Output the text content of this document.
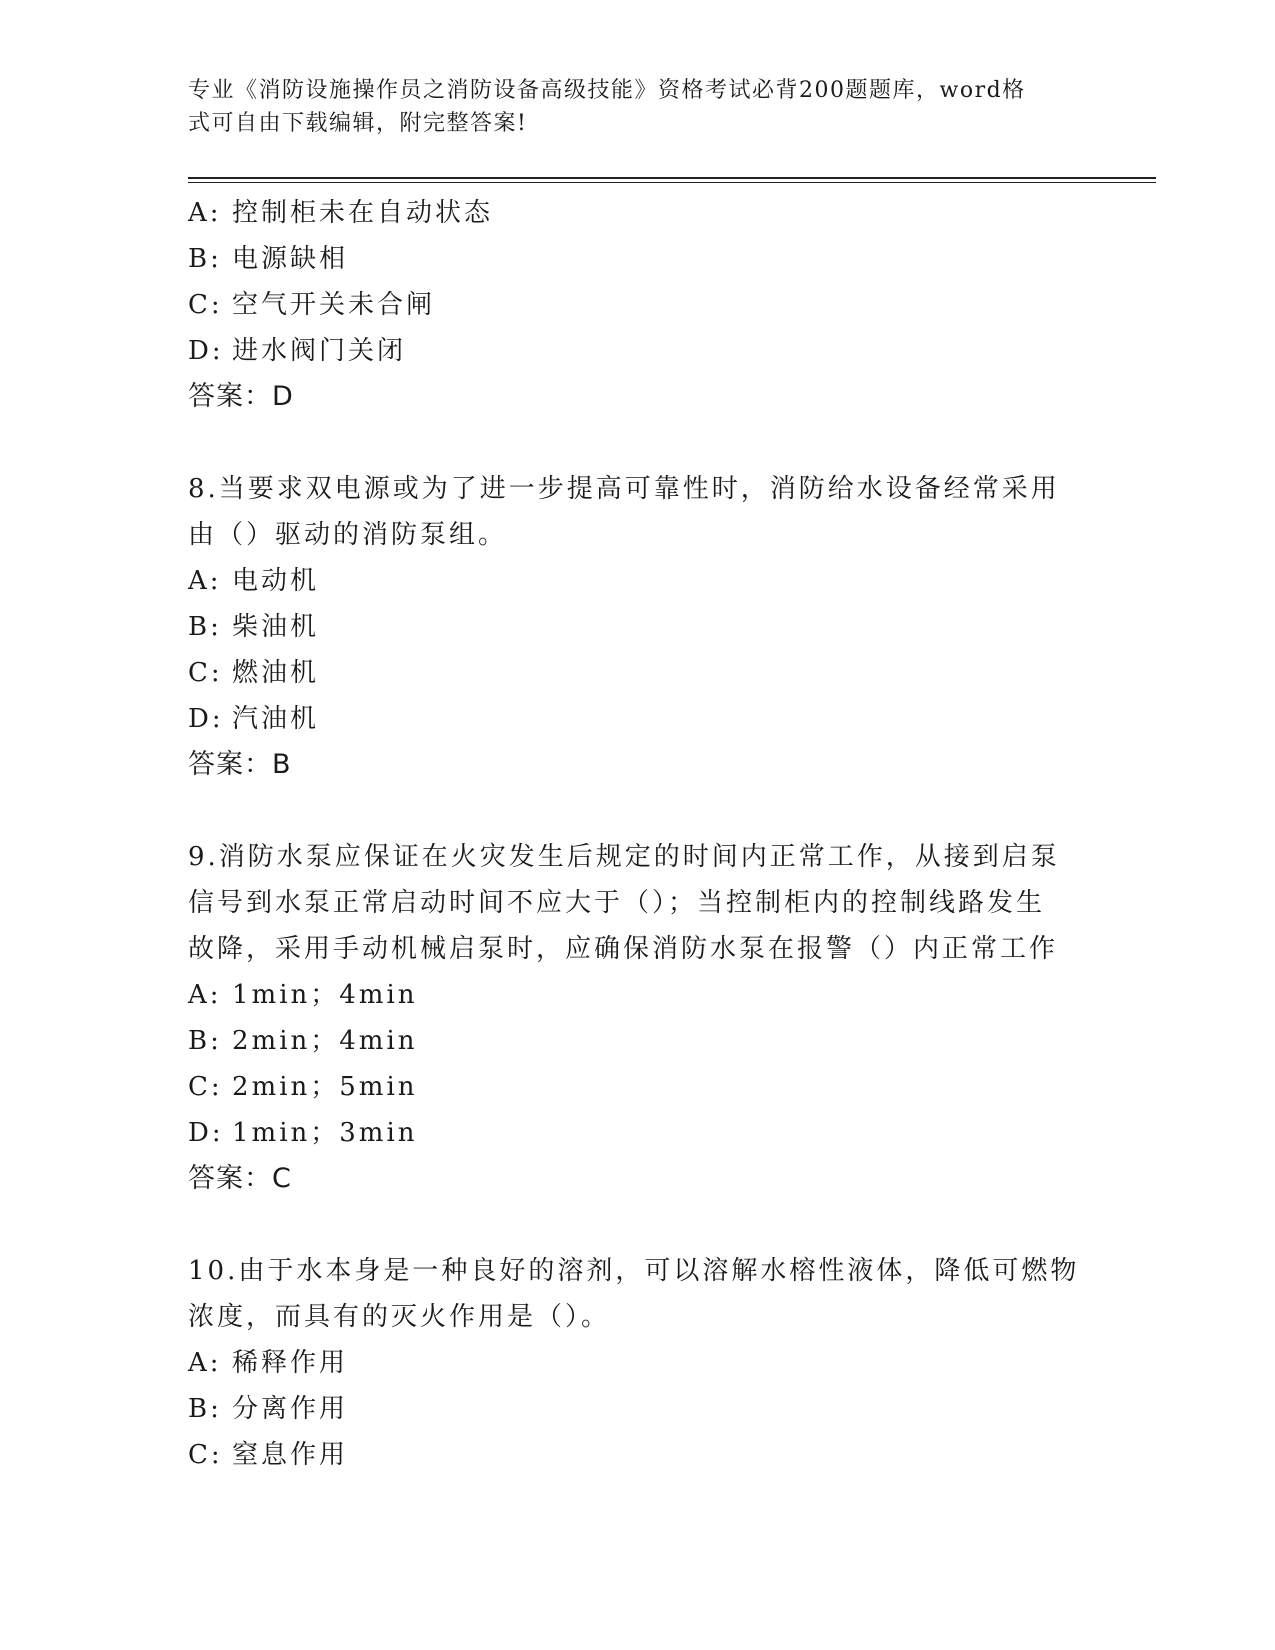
专业《消防设施操作员之消防设备高级技能》资格考试必背200题题库，word格
式可自由下载编辑，附完整答案!
A: 控制柜未在自动状态
B: 电源缺相
C: 空气开关未合闸
D: 进水阀门关闭
答案：D
8.当要求双电源或为了进一步提高可靠性时，消防给水设备经常采用
由（）驱动的消防泵组。
A: 电动机
B: 柴油机
C: 燃油机
D: 汽油机
答案：B
9.消防水泵应保证在火灾发生后规定的时间内正常工作，从接到启泵
信号到水泵正常启动时间不应大于（）；当控制柜内的控制线路发生
故降，采用手动机械启泵时，应确保消防水泵在报警（）内正常工作
A: 1min；4min
B: 2min；4min
C: 2min；5min
D: 1min；3min
答案：C
10.由于水本身是一种良好的溶剂，可以溶解水榕性液体，降低可燃物
浓度，而具有的灭火作用是（）。
A: 稀释作用
B: 分离作用
C: 窒息作用
